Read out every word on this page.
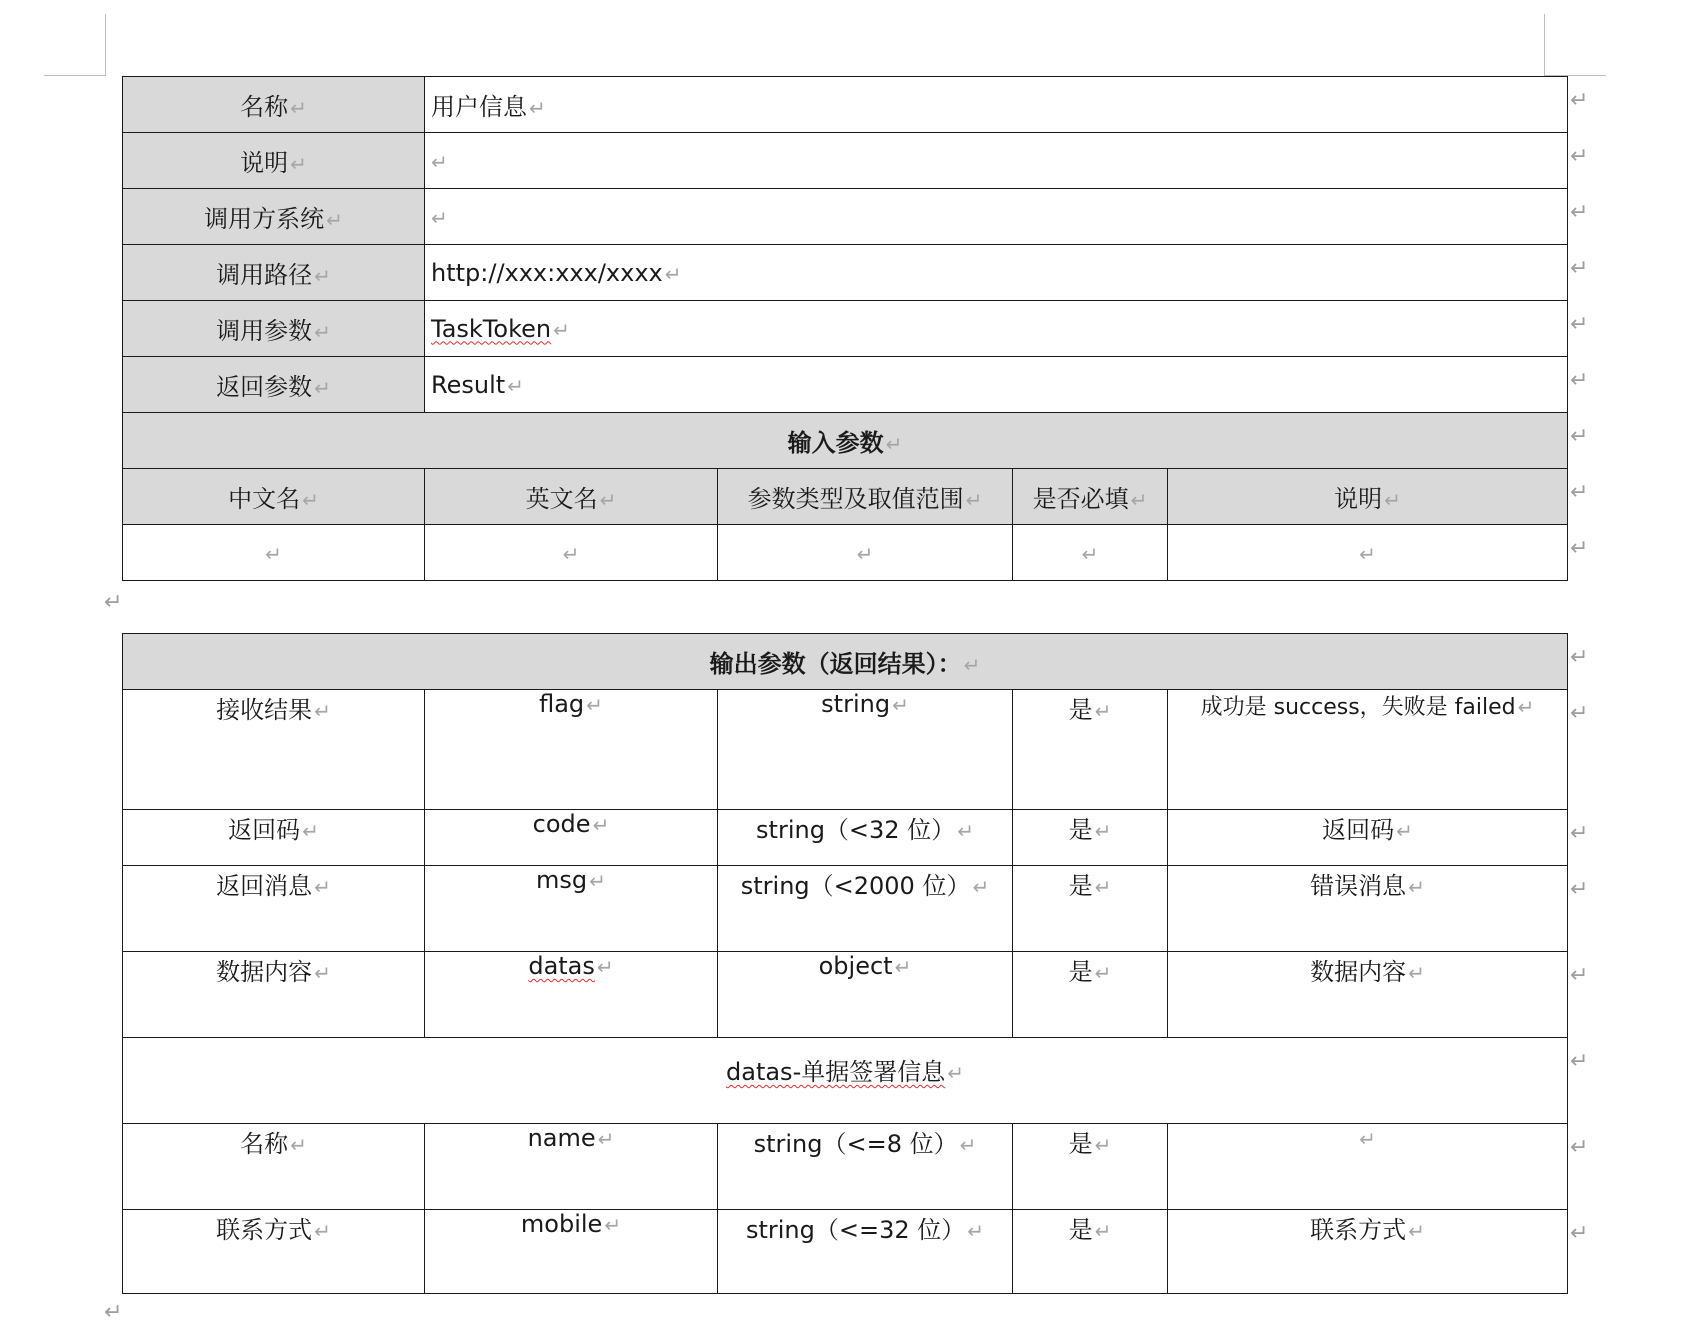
名称 ↵	用户信息 ↵			
说明 ↵	↵			
调用方系统 ↵	↵			
调用路径 ↵	http://xxx:xxx/xxxx ↵			
调用参数 ↵	TaskToken ↵			
返回参数 ↵	Result ↵			
输入参数 ↵				
中文名 ↵	英文名 ↵	参数类型及取值范围 ↵	是否必填 ↵	说明 ↵
↵	↵	↵	↵	↵
输出参数（返回结果）： ↵				
接收结果 ↵	flag ↵	string ↵	是 ↵	成功是 success，失败是 failed ↵
返回码 ↵	code ↵	string（<32 位） ↵	是 ↵	返回码 ↵
返回消息 ↵	msg ↵	string（<2000 位） ↵	是 ↵	错误消息 ↵
数据内容 ↵	datas ↵	object ↵	是 ↵	数据内容 ↵
datas-单据签署信息 ↵				
名称 ↵	name ↵	string（<=8 位） ↵	是 ↵	↵
联系方式 ↵	mobile ↵	string（<=32 位） ↵	是 ↵	联系方式 ↵
↵
↵
↵
↵
↵
↵
↵
↵
↵
↵
↵
↵
↵
↵
↵
↵
↵
↵
↵
